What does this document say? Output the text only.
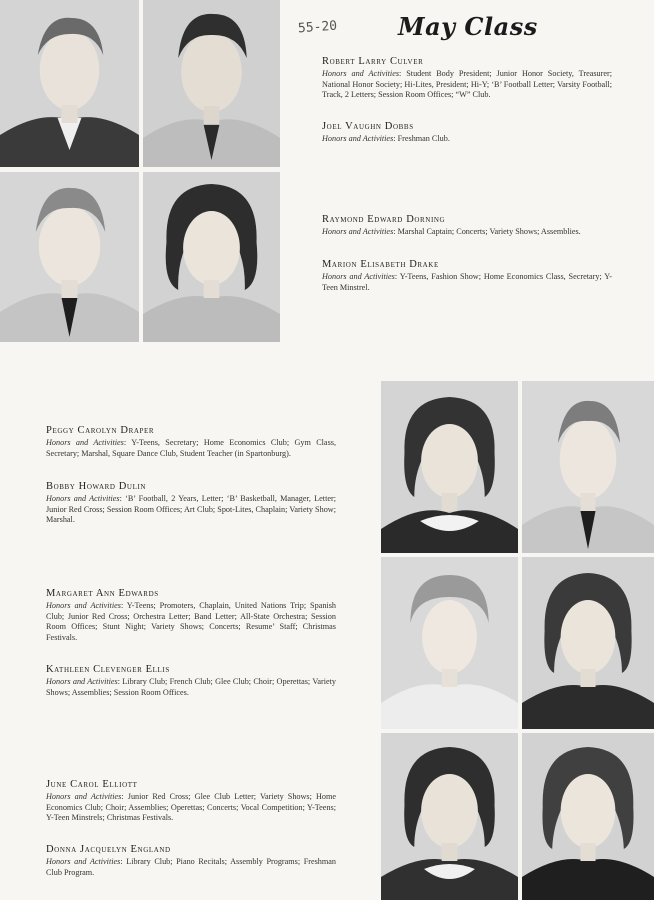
55-20	May Class
Robert Larry Culver

Honors and Activities: Student Body President; Junior Honor Society, Treasurer; National Honor Society; Hi-Lites, President; Hi-Y; ‘B’ Football Letter; Varsity Football; Track, 2 Letters; Session Room Offices; “W” Club.

Joel Vaughn Dobbs

Honors and Activities: Freshman Club.

Raymond Edward Dorning

Honors and Activities: Marshal Captain; Concerts; Variety Shows; Assemblies.

Marion Elisabeth Drake

Honors and Activities: Y-Teens, Fashion Show; Home Economics Class, Secretary; Y-Teen Minstrel.

Peggy Carolyn Draper

Honors and Activities: Y-Teens, Secretary; Home Economics Club; Gym Class, Secretary; Marshal, Square Dance Club, Student Teacher (in Spartonburg).

Bobby Howard Dulin

Honors and Activities: ‘B’ Football, 2 Years, Letter; ‘B’ Basketball, Manager, Letter; Junior Red Cross; Session Room Offices; Art Club; Spot-Lites, Chaplain; Variety Show; Marshal.

Margaret Ann Edwards

Honors and Activities: Y-Teens; Promoters, Chaplain, United Nations Trip; Spanish Club; Junior Red Cross; Orchestra Letter; Band Letter; All-State Orchestra; Session Room Offices; Stunt Night; Variety Shows; Concerts; Resume’ Staff; Christmas Festivals.

Kathleen Clevenger Ellis

Honors and Activities: Library Club; French Club; Glee Club; Choir; Operettas; Variety Shows; Assemblies; Session Room Offices.

June Carol Elliott

Honors and Activities: Junior Red Cross; Glee Club Letter; Variety Shows; Home Economics Club; Choir; Assemblies; Operettas; Concerts; Vocal Competition; Y-Teens; Y-Teen Minstrels; Christmas Festivals.

Donna Jacquelyn England

Honors and Activities: Library Club; Piano Recitals; Assembly Programs; Freshman Club Program.
